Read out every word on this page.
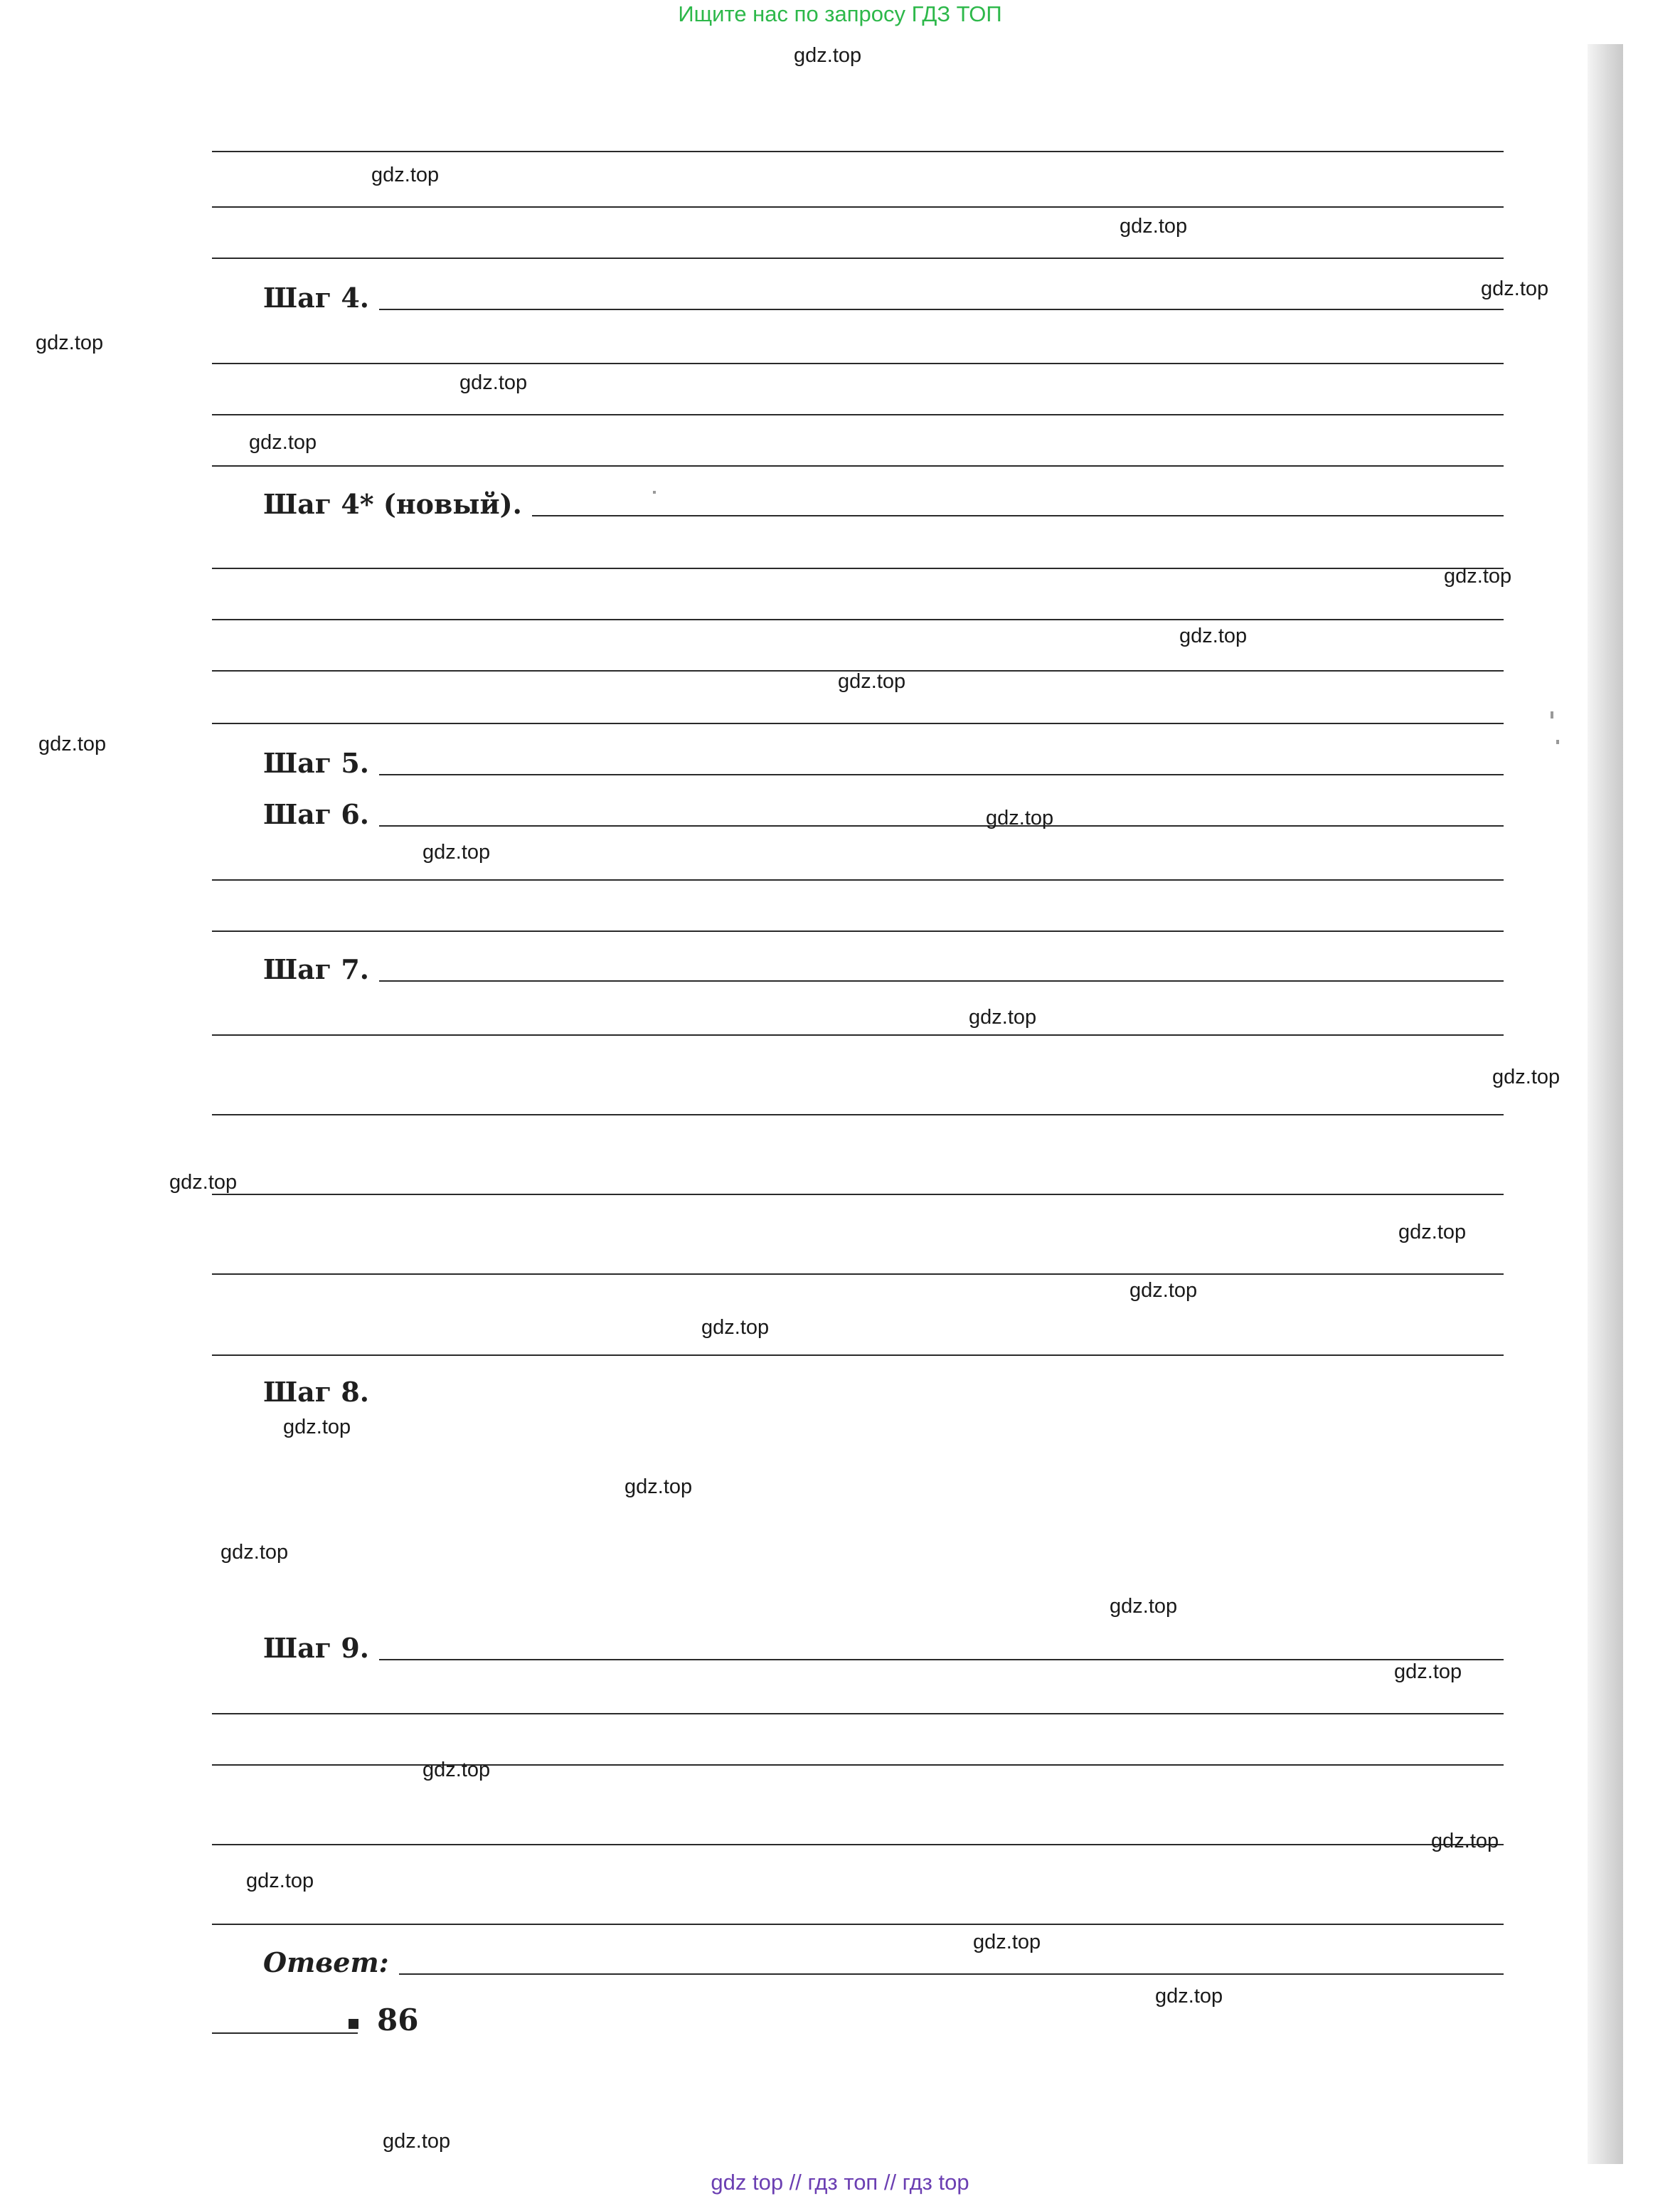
Ищите нас по запросу ГДЗ ТОП
Шаг 4.
Шаг 4* (новый).
Шаг 5.
Шаг 6.
Шаг 7.
Шаг 8.
Шаг 9.
Ответ:
86
gdz.top
gdz.top
gdz.top
gdz.top
gdz.top
gdz.top
gdz.top
gdz.top
gdz.top
gdz.top
gdz.top
gdz.top
gdz.top
gdz.top
gdz.top
gdz.top
gdz.top
gdz.top
gdz.top
gdz.top
gdz.top
gdz.top
gdz.top
gdz.top
gdz.top
gdz.top
gdz.top
gdz.top
gdz.top
gdz.top
gdz top // гдз топ // гдз top
